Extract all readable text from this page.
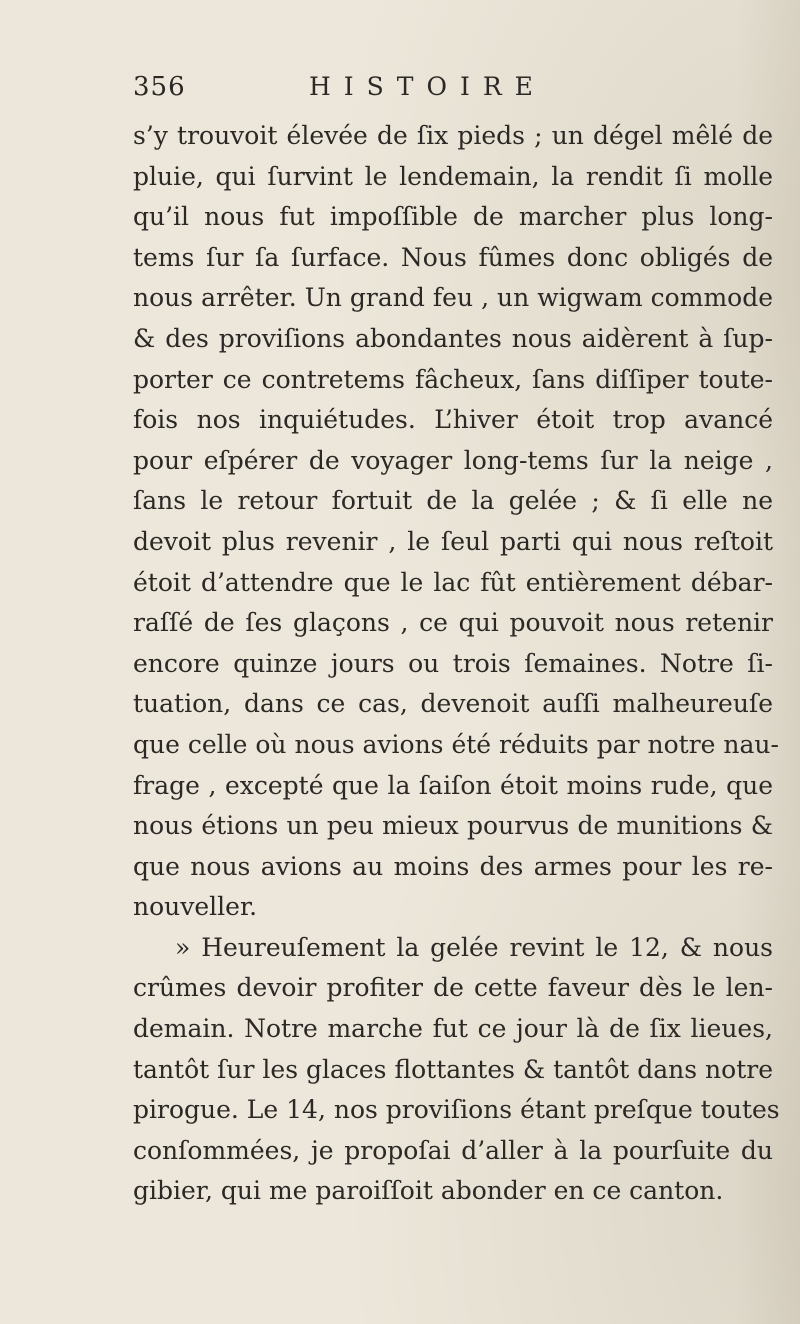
356	HISTOIRE
s’y trouvoit élevée de ſix pieds ; un dégel mêlé de
pluie, qui ſurvint le lendemain, la rendit ſi molle
qu’il nous fut impoſſible de marcher plus long-
tems ſur ſa ſurface. Nous fûmes donc obligés de
nous arrêter. Un grand feu , un wigwam commode
& des proviſions abondantes nous aidèrent à ſup-
porter ce contretems fâcheux, ſans diſſiper toute-
fois nos inquiétudes. L’hiver étoit trop avancé
pour eſpérer de voyager long-tems ſur la neige ,
ſans le retour fortuit de la gelée ; & ſi elle ne
devoit plus revenir , le ſeul parti qui nous reſtoit
étoit d’attendre que le lac fût entièrement débar-
raſſé de ſes glaçons , ce qui pouvoit nous retenir
encore quinze jours ou trois ſemaines. Notre ſi-
tuation, dans ce cas, devenoit auſſi malheureuſe
que celle où nous avions été réduits par notre nau-
frage , excepté que la ſaiſon étoit moins rude, que
nous étions un peu mieux pourvus de munitions &
que nous avions au moins des armes pour les re-
nouveller.
» Heureuſement la gelée revint le 12, & nous
crûmes devoir profiter de cette faveur dès le len-
demain. Notre marche fut ce jour là de ſix lieues,
tantôt ſur les glaces flottantes & tantôt dans notre
pirogue. Le 14, nos proviſions étant preſque toutes
conſommées, je propoſai d’aller à la pourſuite du
gibier, qui me paroiſſoit abonder en ce canton.
